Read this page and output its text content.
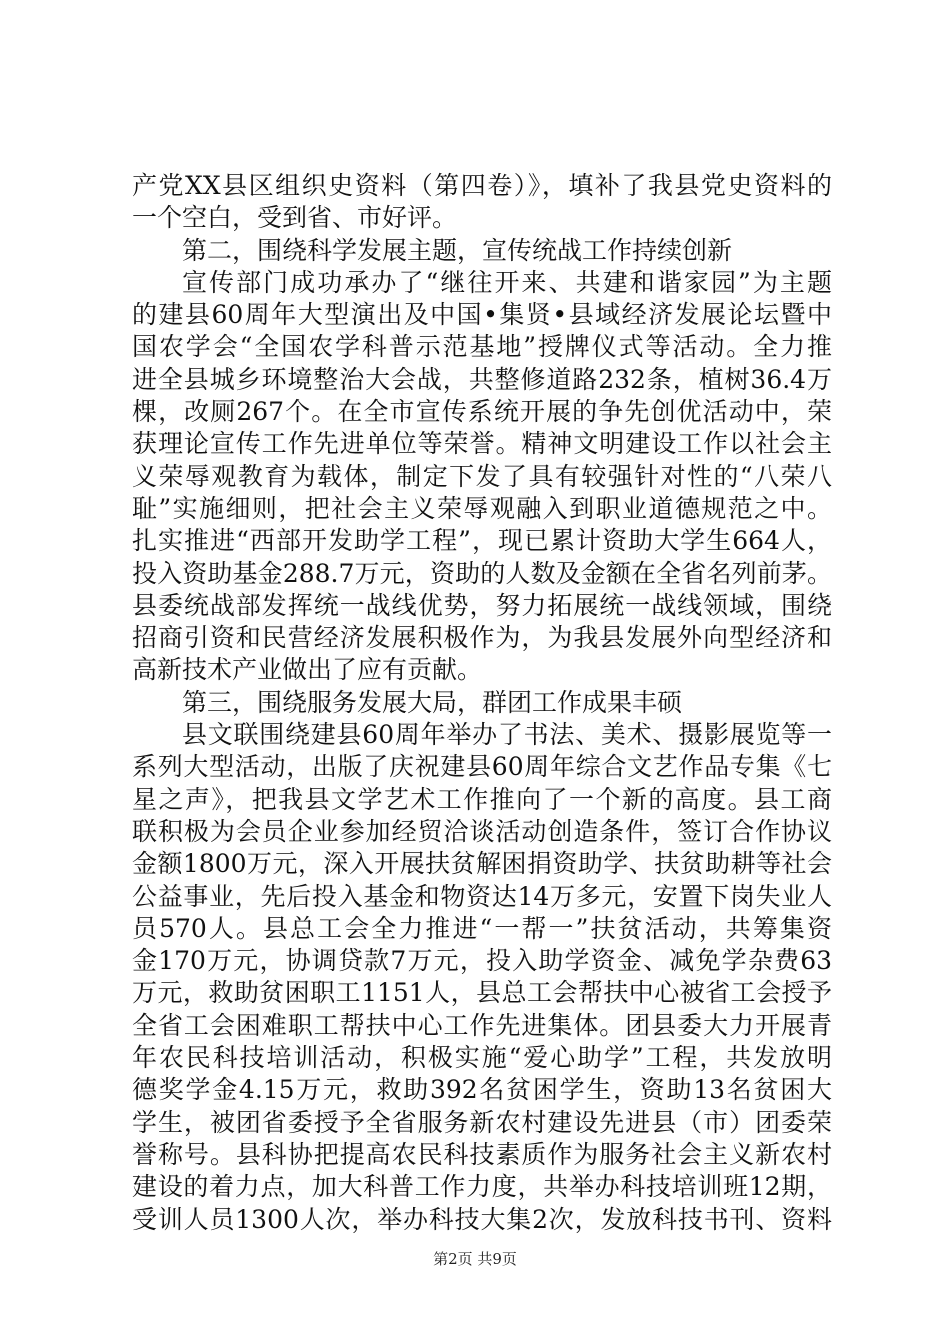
产党XX县区组织史资料（第四卷）》，填补了我县党史资料的
一个空白，受到省、市好评。
第二，围绕科学发展主题，宣传统战工作持续创新
宣传部门成功承办了“继往开来、共建和谐家园”为主题
的建县60周年大型演出及中国•集贤•县域经济发展论坛暨中
国农学会“全国农学科普示范基地”授牌仪式等活动。全力推
进全县城乡环境整治大会战，共整修道路232条，植树36.4万
棵，改厕267个。在全市宣传系统开展的争先创优活动中，荣
获理论宣传工作先进单位等荣誉。精神文明建设工作以社会主
义荣辱观教育为载体，制定下发了具有较强针对性的“八荣八
耻”实施细则，把社会主义荣辱观融入到职业道德规范之中。
扎实推进“西部开发助学工程”，现已累计资助大学生664人，
投入资助基金288.7万元，资助的人数及金额在全省名列前茅。
县委统战部发挥统一战线优势，努力拓展统一战线领域，围绕
招商引资和民营经济发展积极作为，为我县发展外向型经济和
高新技术产业做出了应有贡献。
第三，围绕服务发展大局，群团工作成果丰硕
县文联围绕建县60周年举办了书法、美术、摄影展览等一
系列大型活动，出版了庆祝建县60周年综合文艺作品专集《七
星之声》，把我县文学艺术工作推向了一个新的高度。县工商
联积极为会员企业参加经贸洽谈活动创造条件，签订合作协议
金额1800万元，深入开展扶贫解困捐资助学、扶贫助耕等社会
公益事业，先后投入基金和物资达14万多元，安置下岗失业人
员570人。县总工会全力推进“一帮一”扶贫活动，共筹集资
金170万元，协调贷款7万元，投入助学资金、减免学杂费63
万元，救助贫困职工1151人，县总工会帮扶中心被省工会授予
全省工会困难职工帮扶中心工作先进集体。团县委大力开展青
年农民科技培训活动，积极实施“爱心助学”工程，共发放明
德奖学金4.15万元，救助392名贫困学生，资助13名贫困大
学生，被团省委授予全省服务新农村建设先进县（市）团委荣
誉称号。县科协把提高农民科技素质作为服务社会主义新农村
建设的着力点，加大科普工作力度，共举办科技培训班12期，
受训人员1300人次，举办科技大集2次，发放科技书刊、资料
第2页 共9页
